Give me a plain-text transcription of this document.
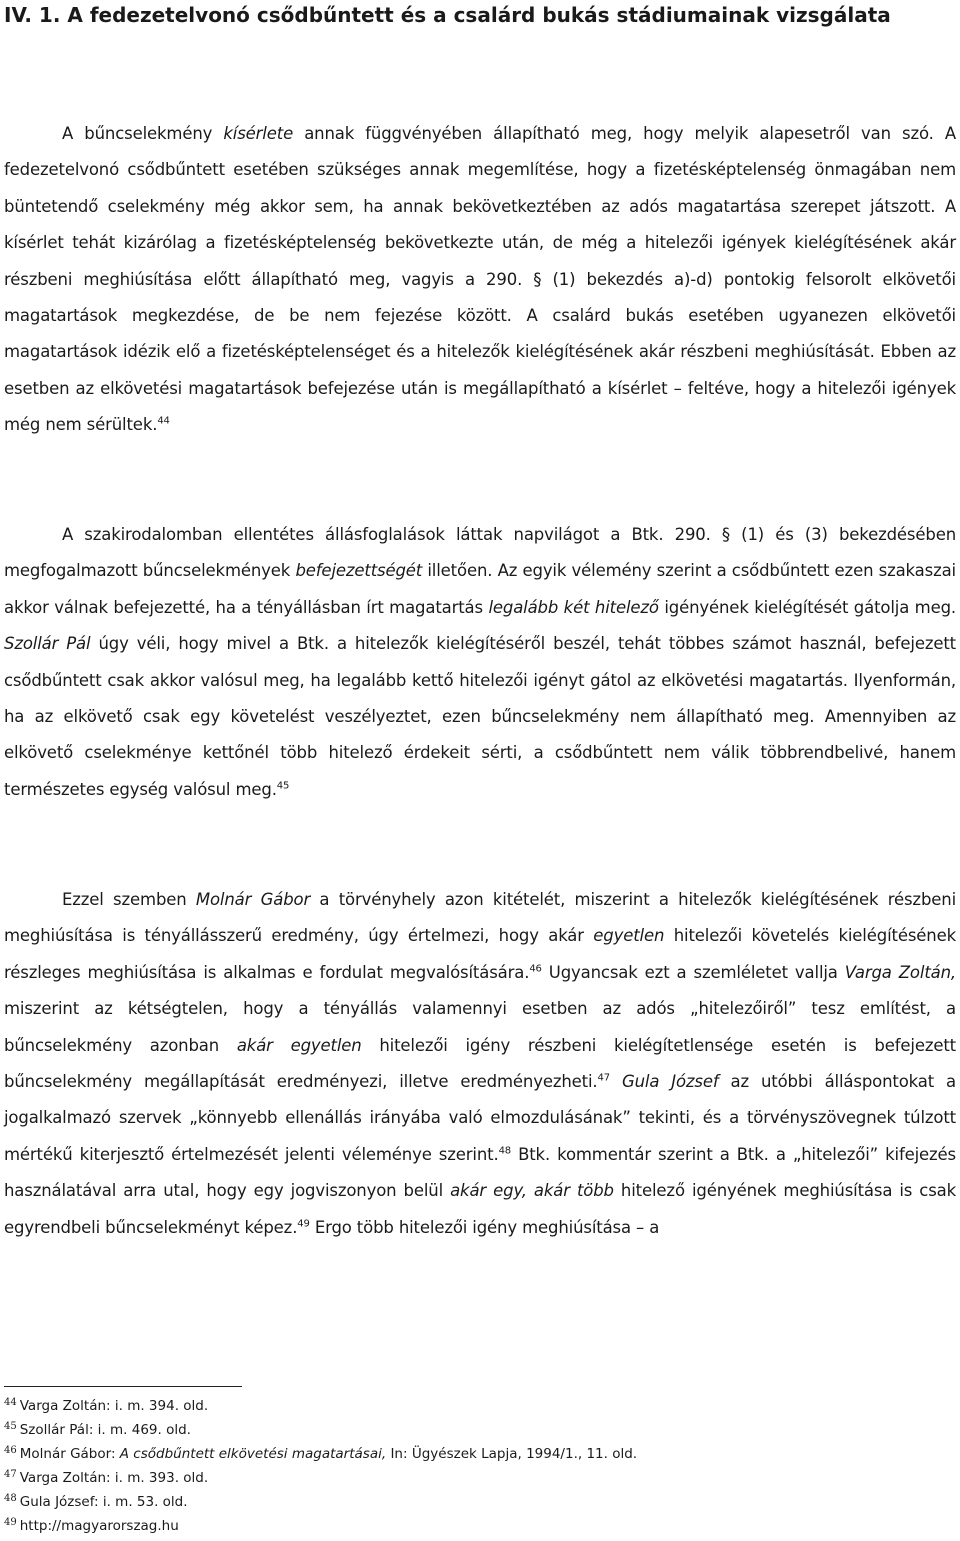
IV. 1. A fedezetelvonó csődbűntett és a csalárd bukás stádiumainak vizsgálata

A bűncselekmény kísérlete annak függvényében állapítható meg, hogy melyik alapesetről van szó. A fedezetelvonó csődbűntett esetében szükséges annak megemlítése, hogy a fizetésképtelenség önmagában nem büntetendő cselekmény még akkor sem, ha annak bekövetkeztében az adós magatartása szerepet játszott. A kísérlet tehát kizárólag a fizetésképtelenség bekövetkezte után, de még a hitelezői igények kielégítésének akár részbeni meghiúsítása előtt állapítható meg, vagyis a 290. § (1) bekezdés a)-d) pontokig felsorolt elkövetői magatartások megkezdése, de be nem fejezése között. A csalárd bukás esetében ugyanezen elkövetői magatartások idézik elő a fizetésképtelenséget és a hitelezők kielégítésének akár részbeni meghiúsítását. Ebben az esetben az elkövetési magatartások befejezése után is megállapítható a kísérlet – feltéve, hogy a hitelezői igények még nem sérültek.$^{44}$

A szakirodalomban ellentétes állásfoglalások láttak napvilágot a Btk. 290. § (1) és (3) bekezdésében megfogalmazott bűncselekmények befejezettségét illetően. Az egyik vélemény szerint a csődbűntett ezen szakaszai akkor válnak befejezetté, ha a tényállásban írt magatartás legalább két hitelező igényének kielégítését gátolja meg. Szollár Pál úgy véli, hogy mivel a Btk. a hitelezők kielégítéséről beszél, tehát többes számot használ, befejezett csődbűntett csak akkor valósul meg, ha legalább kettő hitelezői igényt gátol az elkövetési magatartás. Ilyenformán, ha az elkövető csak egy követelést veszélyeztet, ezen bűncselekmény nem állapítható meg. Amennyiben az elkövető cselekménye kettőnél több hitelező érdekeit sérti, a csődbűntett nem válik többrendbelivé, hanem természetes egység valósul meg.$^{45}$

Ezzel szemben Molnár Gábor a törvényhely azon kitételét, miszerint a hitelezők kielégítésének részbeni meghiúsítása is tényállásszerű eredmény, úgy értelmezi, hogy akár egyetlen hitelezői követelés kielégítésének részleges meghiúsítása is alkalmas e fordulat megvalósítására.$^{46}$ Ugyancsak ezt a szemléletet vallja Varga Zoltán, miszerint az kétségtelen, hogy a tényállás valamennyi esetben az adós „hitelezőiről” tesz említést, a bűncselekmény azonban akár egyetlen hitelezői igény részbeni kielégítetlensége esetén is befejezett bűncselekmény megállapítását eredményezi, illetve eredményezheti.$^{47}$ Gula József az utóbbi álláspontokat a jogalkalmazó szervek „könnyebb ellenállás irányába való elmozdulásának” tekinti, és a törvényszövegnek túlzott mértékű kiterjesztő értelmezését jelenti véleménye szerint.$^{48}$ Btk. kommentár szerint a Btk. a „hitelezői” kifejezés használatával arra utal, hogy egy jogviszonyon belül akár egy, akár több hitelező igényének meghiúsítása is csak egyrendbeli bűncselekményt képez.$^{49}$ Ergo több hitelezői igény meghiúsítása – a

$^{44}$ Varga Zoltán: i. m. 394. old.

$^{45}$ Szollár Pál: i. m. 469. old.

$^{46}$ Molnár Gábor: A csődbűntett elkövetési magatartásai, In: Ügyészek Lapja, 1994/1., 11. old.

$^{47}$ Varga Zoltán: i. m. 393. old.

$^{48}$ Gula József: i. m. 53. old.

$^{49}$ http://magyarorszag.hu
